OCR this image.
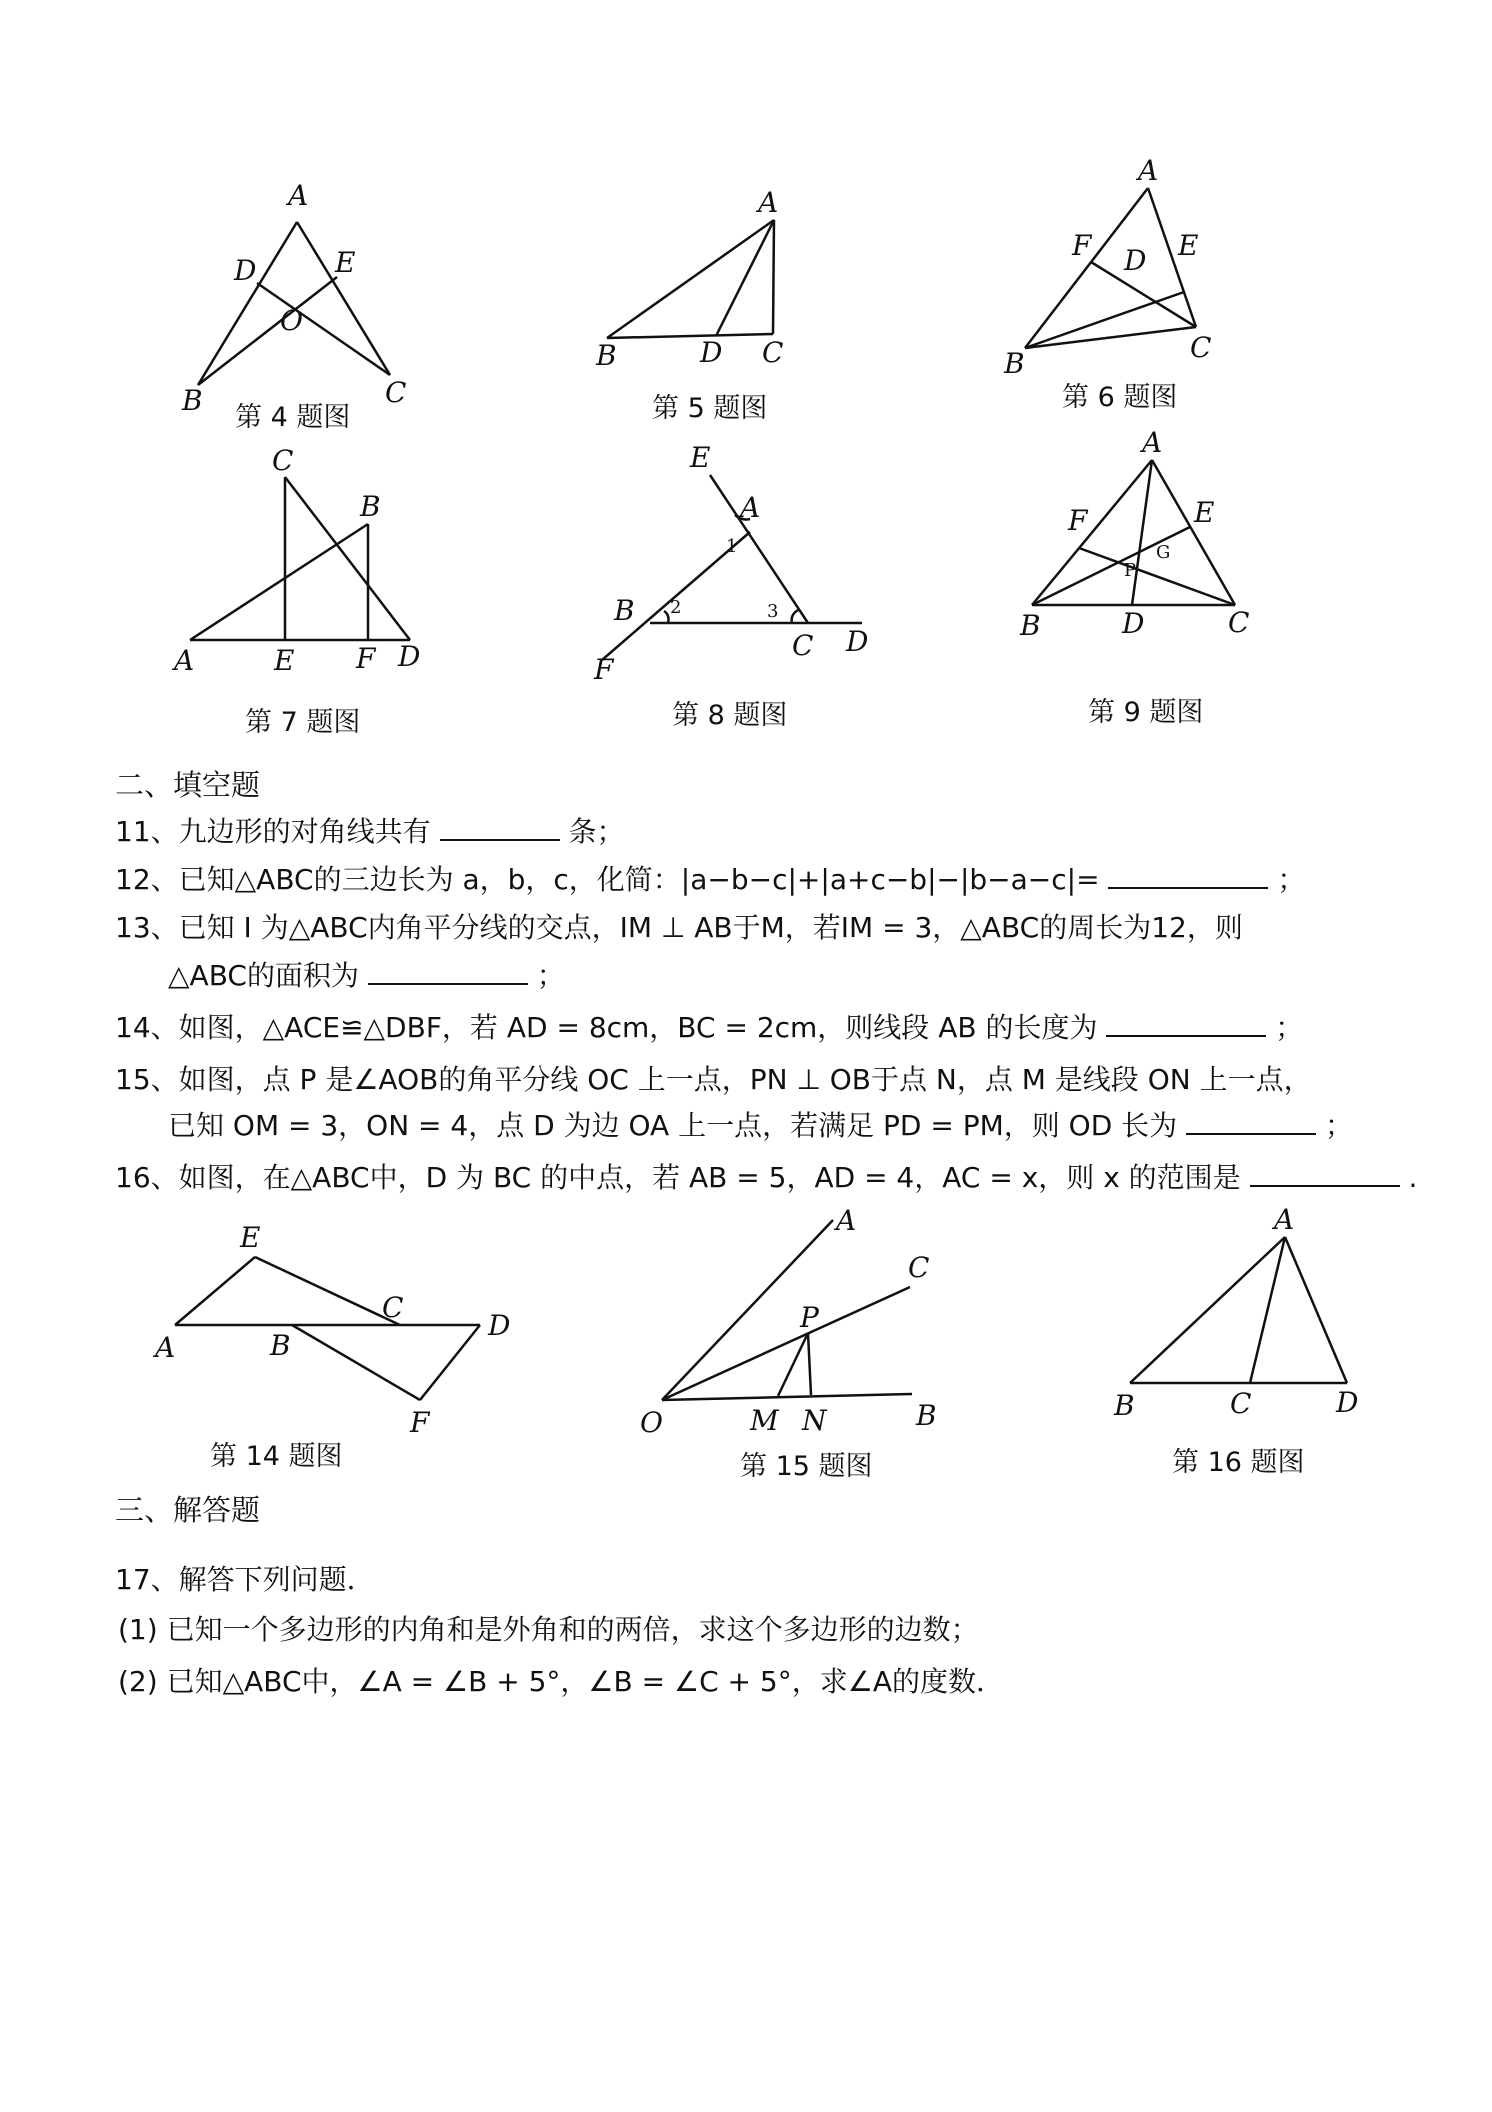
A
B	C
D	E
O
第 4 题图
A
B	D C
第 5 题图
A
B	C
D E
F
第 6 题图
C
B
A	E F D
第 7 题图
E
A
B
C D
F
1
2	3
第 8 题图
A
B	C
D
E
F
G
P
第 9 题图
二、填空题
11、九边形的对角线共有	条；
12、已知△ABC的三边长为 a，b，c，化简：|a−b−c|+|a+c−b|−|b−a−c|=	；
13、已知 I 为△ABC内角平分线的交点，IM ⊥ AB于M，若IM = 3，△ABC的周长为12，则
△ABC的面积为	；
14、如图，△ACE≌△DBF，若 AD = 8cm，BC = 2cm，则线段 AB 的长度为	；
15、如图，点 P 是∠AOB的角平分线 OC 上一点，PN ⊥ OB于点 N，点 M 是线段 ON 上一点，
已知 OM = 3，ON = 4，点 D 为边 OA 上一点，若满足 PD = PM，则 OD 长为	；
16、如图，在△ABC中，D 为 BC 的中点，若 AB = 5，AD = 4，AC = x，则 x 的范围是	.
E
A	B
C
D
F
第 14 题图
A
C
P
O	M N	B
第 15 题图
A
B	C	D
第 16 题图
三、解答题
17、解答下列问题．
(1) 已知一个多边形的内角和是外角和的两倍，求这个多边形的边数；
(2) 已知△ABC中，∠A = ∠B + 5°，∠B = ∠C + 5°，求∠A的度数．
